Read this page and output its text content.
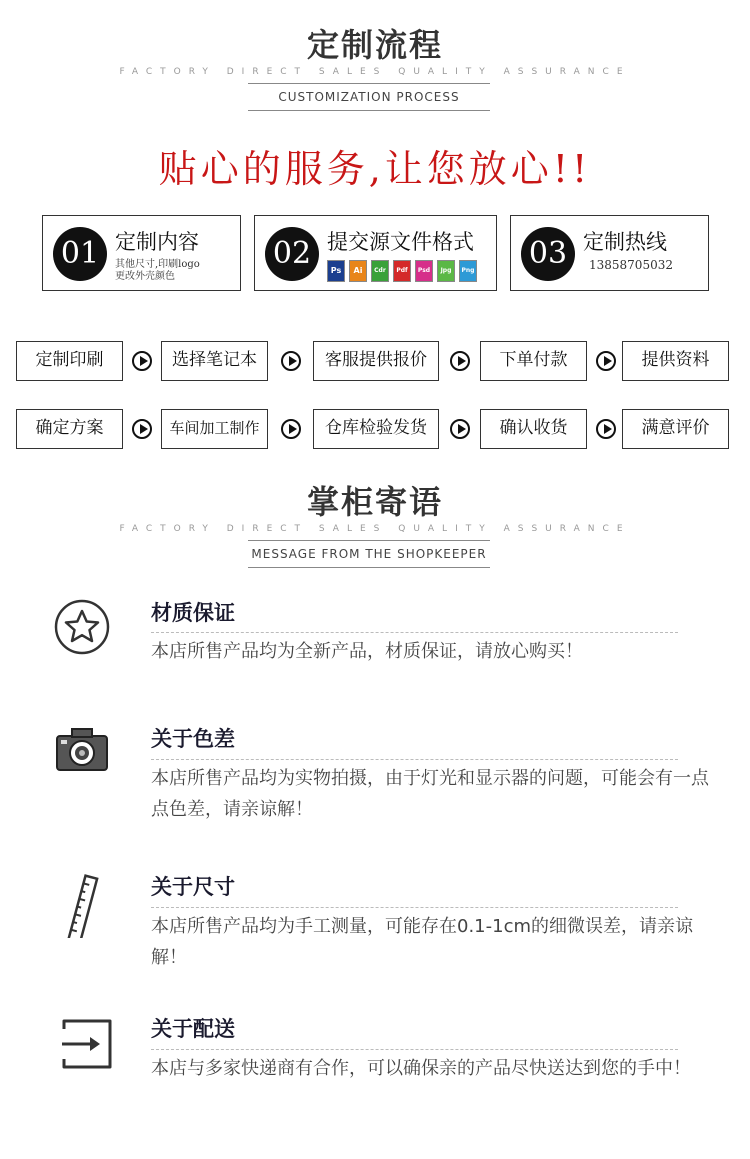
定制流程
FACTORY DIRECT SALES QUALITY ASSURANCE
CUSTOMIZATION PROCESS
贴心的服务,让您放心!!
01 定制内容
其他尺寸,印刷logo
更改外壳颜色
02 提交源文件格式
Ps	Ai	Cdr	Pdf	Psd	Jpg	Png 03 定制热线
13858705032
定制印刷	选择笔记本	客服提供报价	下单付款	提供资料
确定方案	车间加工制作	仓库检验发货	确认收货	满意评价
掌柜寄语
FACTORY DIRECT SALES QUALITY ASSURANCE
MESSAGE FROM THE SHOPKEEPER
材质保证
本店所售产品均为全新产品，材质保证，请放心购买！
关于色差
本店所售产品均为实物拍摄，由于灯光和显示器的问题，可能会有一点点色差，请亲谅解！
关于尺寸
本店所售产品均为手工测量，可能存在0.1-1cm的细微误差，请亲谅解！
关于配送
本店与多家快递商有合作，可以确保亲的产品尽快送达到您的手中！
